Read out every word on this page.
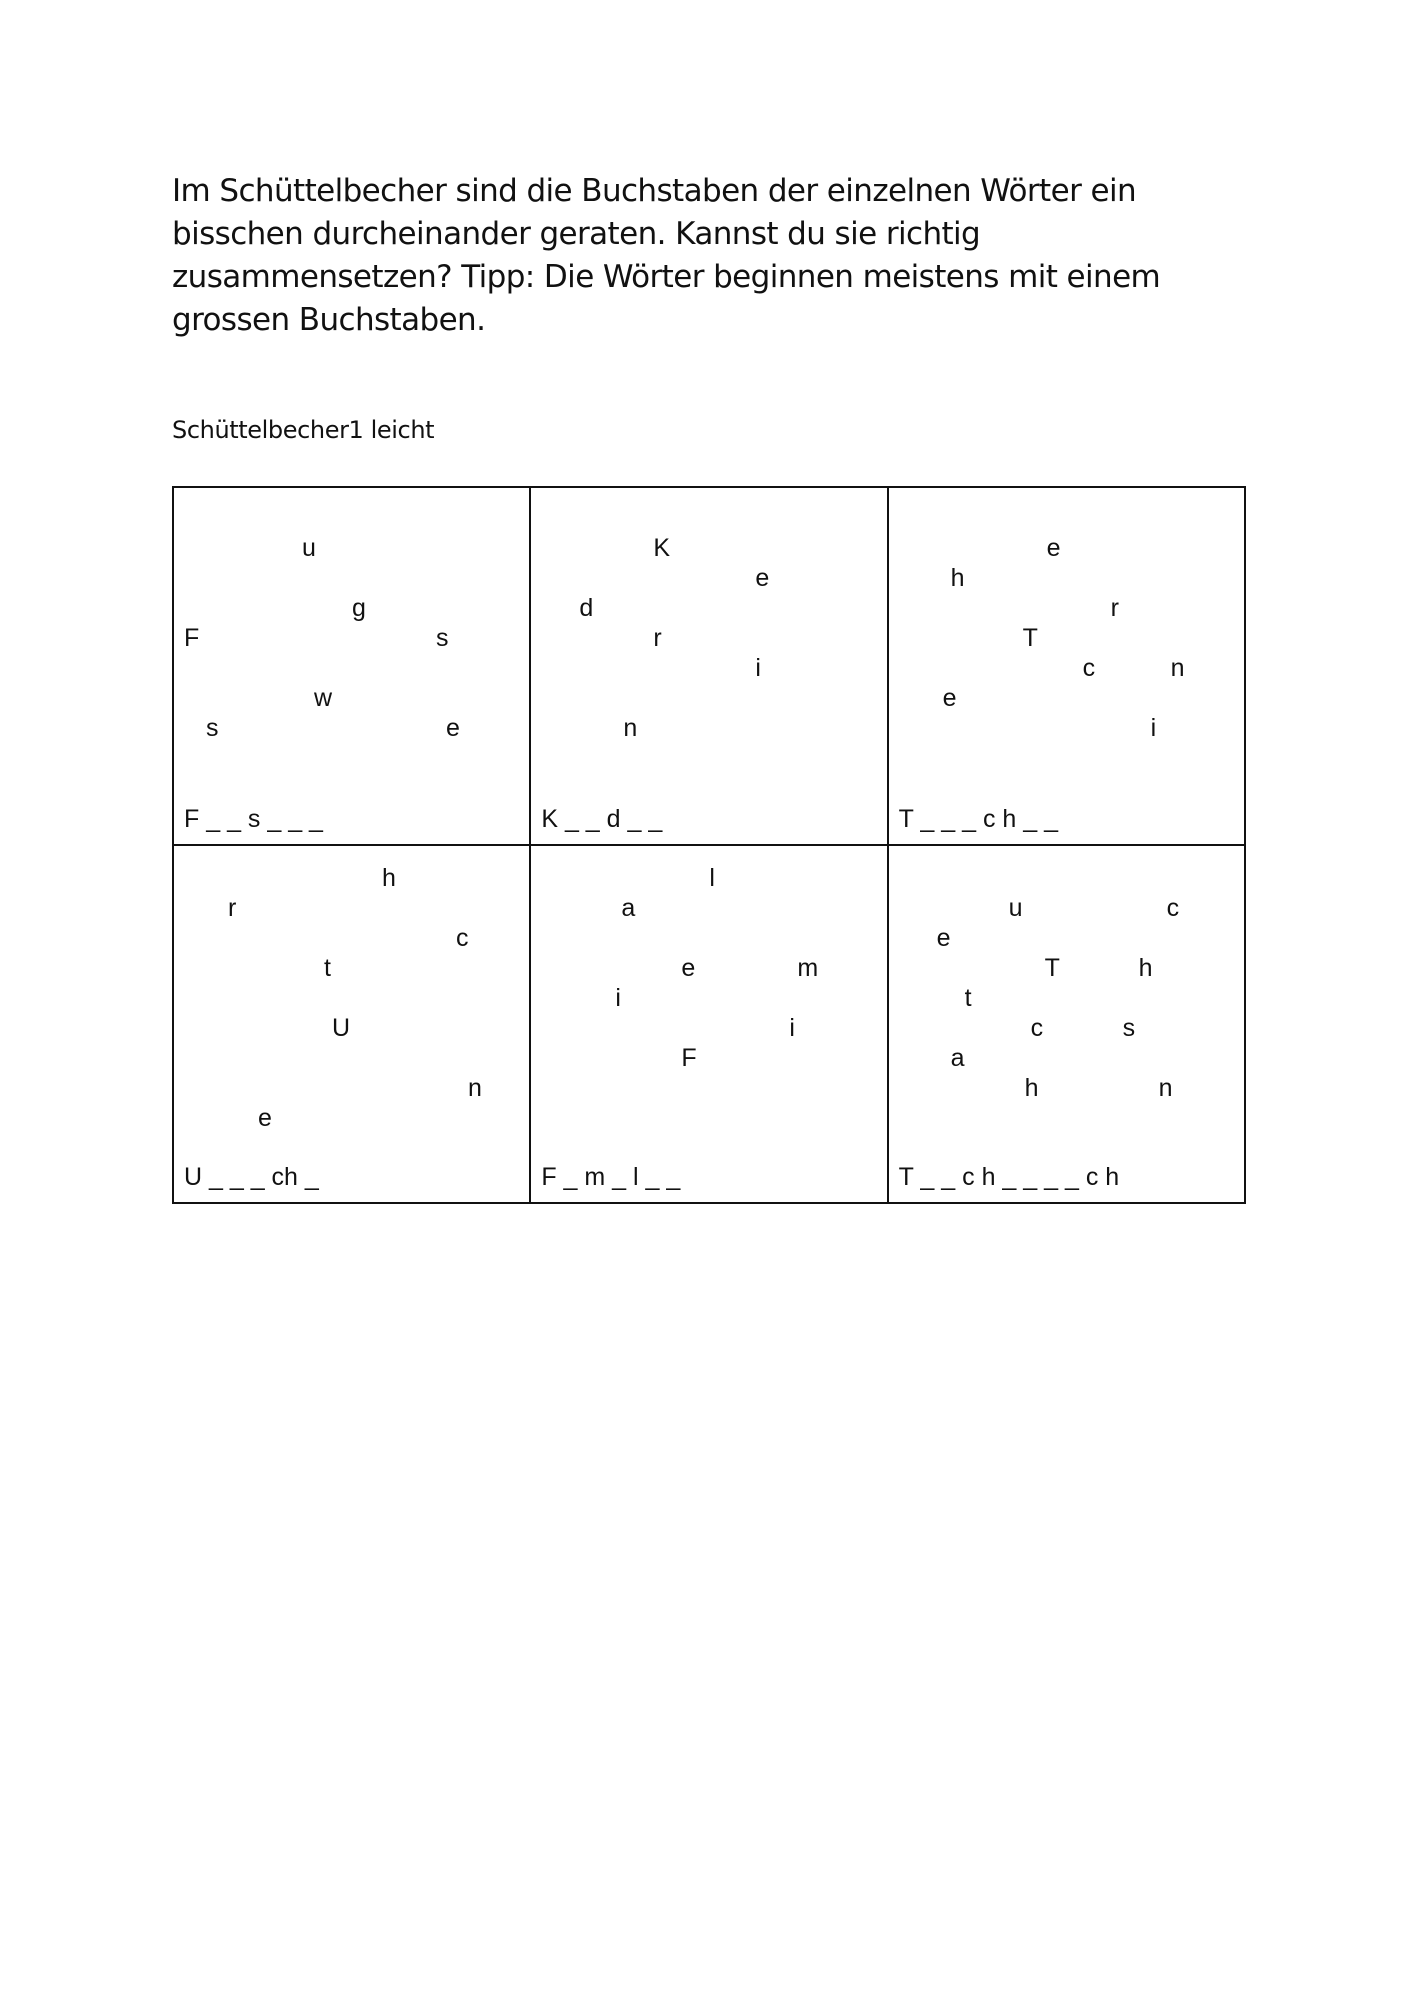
Im Schüttelbecher sind die Buchstaben der einzelnen Wörter ein bisschen durcheinander geraten. Kannst du sie richtig zusammensetzen? Tipp: Die Wörter beginnen meistens mit einem grossen Buchstaben.

Schüttelbecher1 leicht

u
g
F	s
w
s	e
F _ _ s _ _ _
K
e
d
r
i
n
K _ _ d _ _
e
h
r
T
c	n
e
i
T _ _ _ c h _ _
h
r
c
t
U
n
e
U _ _ _ ch _
l
a
e	m
i
i
F
F _ m _ l _ _
u	c
e
T	h
t
c	s
a
h	n
T _ _ c h _ _ _ _ c h
